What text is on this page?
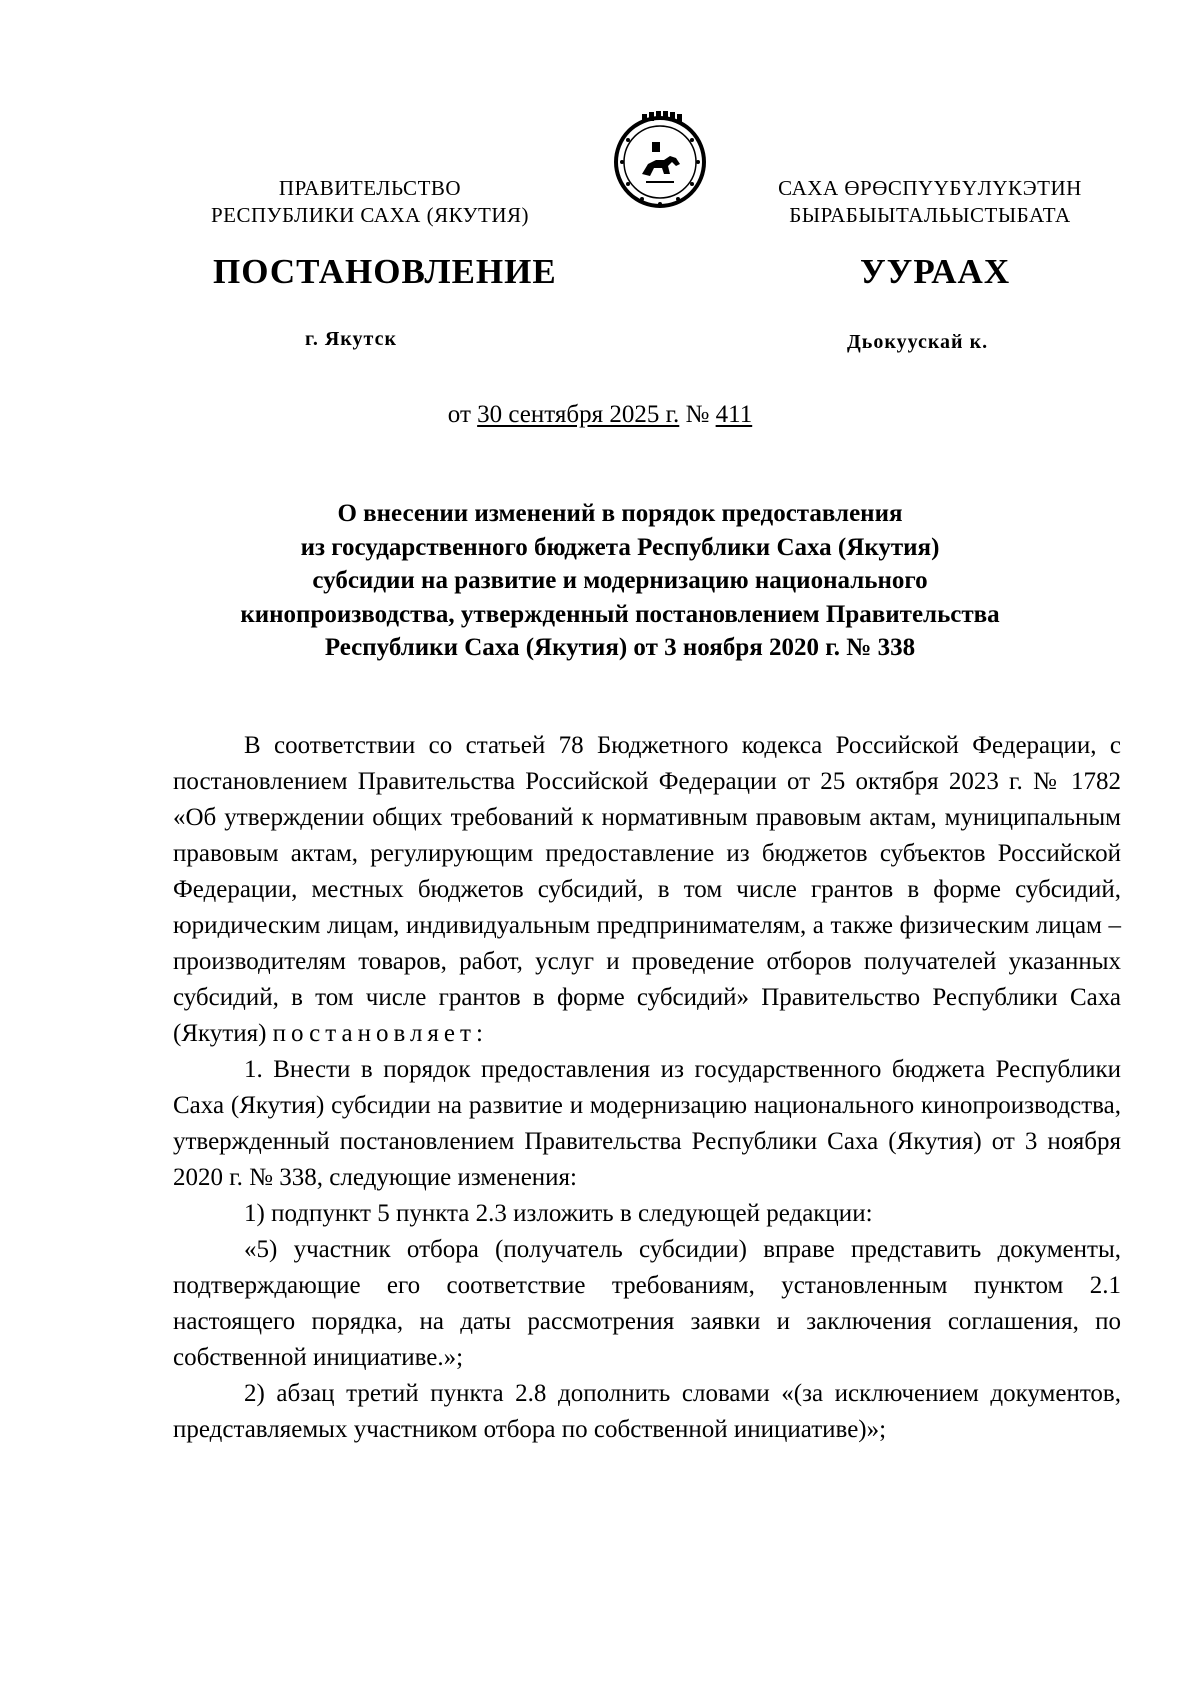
ПРАВИТЕЛЬСТВО
РЕСПУБЛИКИ САХА (ЯКУТИЯ)
САХА ӨРӨСПҮҮБҮЛҮКЭТИН
БЫРАБЫЫТАЛЬЫСТЫБАТА
ПОСТАНОВЛЕНИЕ	УУРААХ
г. Якутск	Дьокуускай к.
от 30 сентября 2025 г. № 411
О внесении изменений в порядок предоставления
из государственного бюджета Республики Саха (Якутия)
субсидии на развитие и модернизацию национального
кинопроизводства, утвержденный постановлением Правительства
Республики Саха (Якутия) от 3 ноября 2020 г. № 338

В соответствии со статьей 78 Бюджетного кодекса Российской Федерации, с постановлением Правительства Российской Федерации от 25 октября 2023 г. № 1782 «Об утверждении общих требований к нормативным правовым актам, муниципальным правовым актам, регулирующим предоставление из бюджетов субъектов Российской Федерации, местных бюджетов субсидий, в том числе грантов в форме субсидий, юридическим лицам, индивидуальным предпринимателям, а также физическим лицам – производителям товаров, работ, услуг и проведение отборов получателей указанных субсидий, в том числе грантов в форме субсидий» Правительство Республики Саха (Якутия) постановляет:

1. Внести в порядок предоставления из государственного бюджета Республики Саха (Якутия) субсидии на развитие и модернизацию национального кинопроизводства, утвержденный постановлением Правительства Республики Саха (Якутия) от 3 ноября 2020 г. № 338, следующие изменения:

1) подпункт 5 пункта 2.3 изложить в следующей редакции:

«5) участник отбора (получатель субсидии) вправе представить документы, подтверждающие его соответствие требованиям, установленным пунктом 2.1 настоящего порядка, на даты рассмотрения заявки и заключения соглашения, по собственной инициативе.»;

2) абзац третий пункта 2.8 дополнить словами «(за исключением документов, представляемых участником отбора по собственной инициативе)»;
